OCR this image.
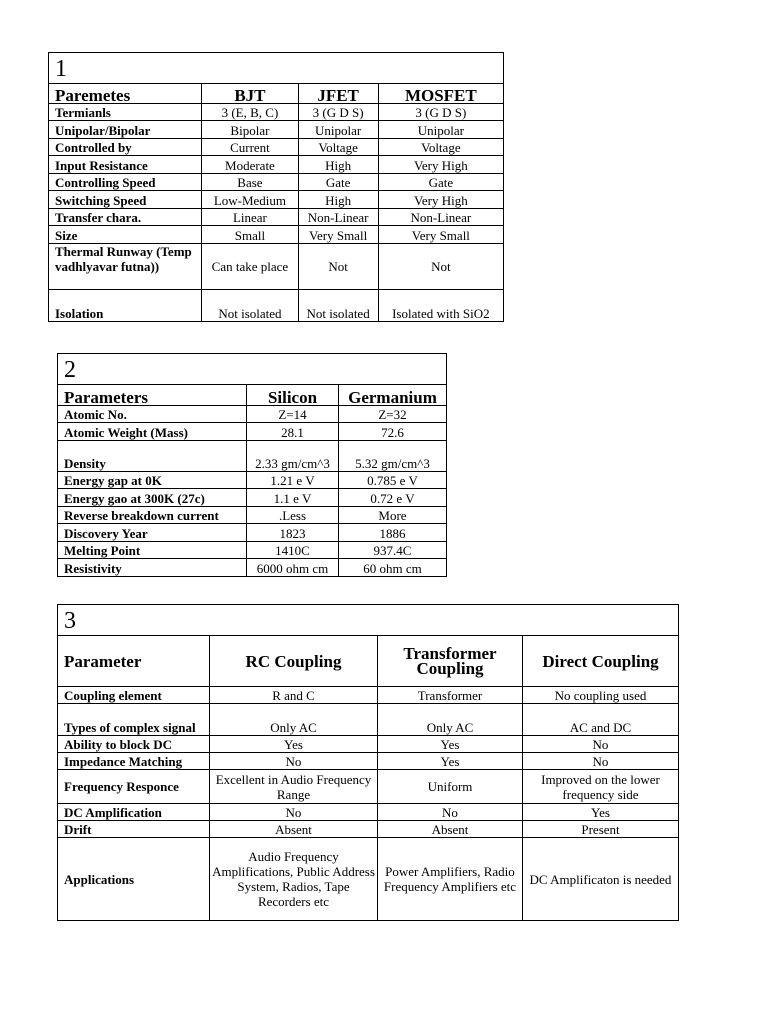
1			
Paremetes	BJT	JFET	MOSFET
Termianls	3 (E, B, C)	3 (G D S)	3 (G D S)
Unipolar/Bipolar	Bipolar	Unipolar	Unipolar
Controlled by	Current	Voltage	Voltage
Input Resistance	Moderate	High	Very High
Controlling Speed	Base	Gate	Gate
Switching Speed	Low-Medium	High	Very High
Transfer chara.	Linear	Non-Linear	Non-Linear
Size	Small	Very Small	Very Small
Thermal Runway (Temp vadhlyavar futna))	Can take place	Not	Not
Isolation	Not isolated	Not isolated	Isolated with SiO2
2		
Parameters	Silicon	Germanium
Atomic No.	Z=14	Z=32
Atomic Weight (Mass)	28.1	72.6
Density	2.33 gm/cm^3	5.32 gm/cm^3
Energy gap at 0K	1.21 e V	0.785 e V
Energy gao at 300K (27c)	1.1 e V	0.72 e V
Reverse breakdown current	.Less	More
Discovery Year	1823	1886
Melting Point	1410C	937.4C
Resistivity	6000 ohm cm	60 ohm cm
3			
Parameter	RC Coupling	Transformer Coupling	Direct Coupling
Coupling element	R and C	Transformer	No coupling used
Types of complex signal	Only AC	Only AC	AC and DC
Ability to block DC	Yes	Yes	No
Impedance Matching	No	Yes	No
Frequency Responce	Excellent in Audio Frequency Range	Uniform	Improved on the lower frequency side
DC Amplification	No	No	Yes
Drift	Absent	Absent	Present
Applications	Audio Frequency Amplifications, Public Address System, Radios, Tape Recorders etc	Power Amplifiers, Radio Frequency Amplifiers etc	DC Amplificaton is needed
